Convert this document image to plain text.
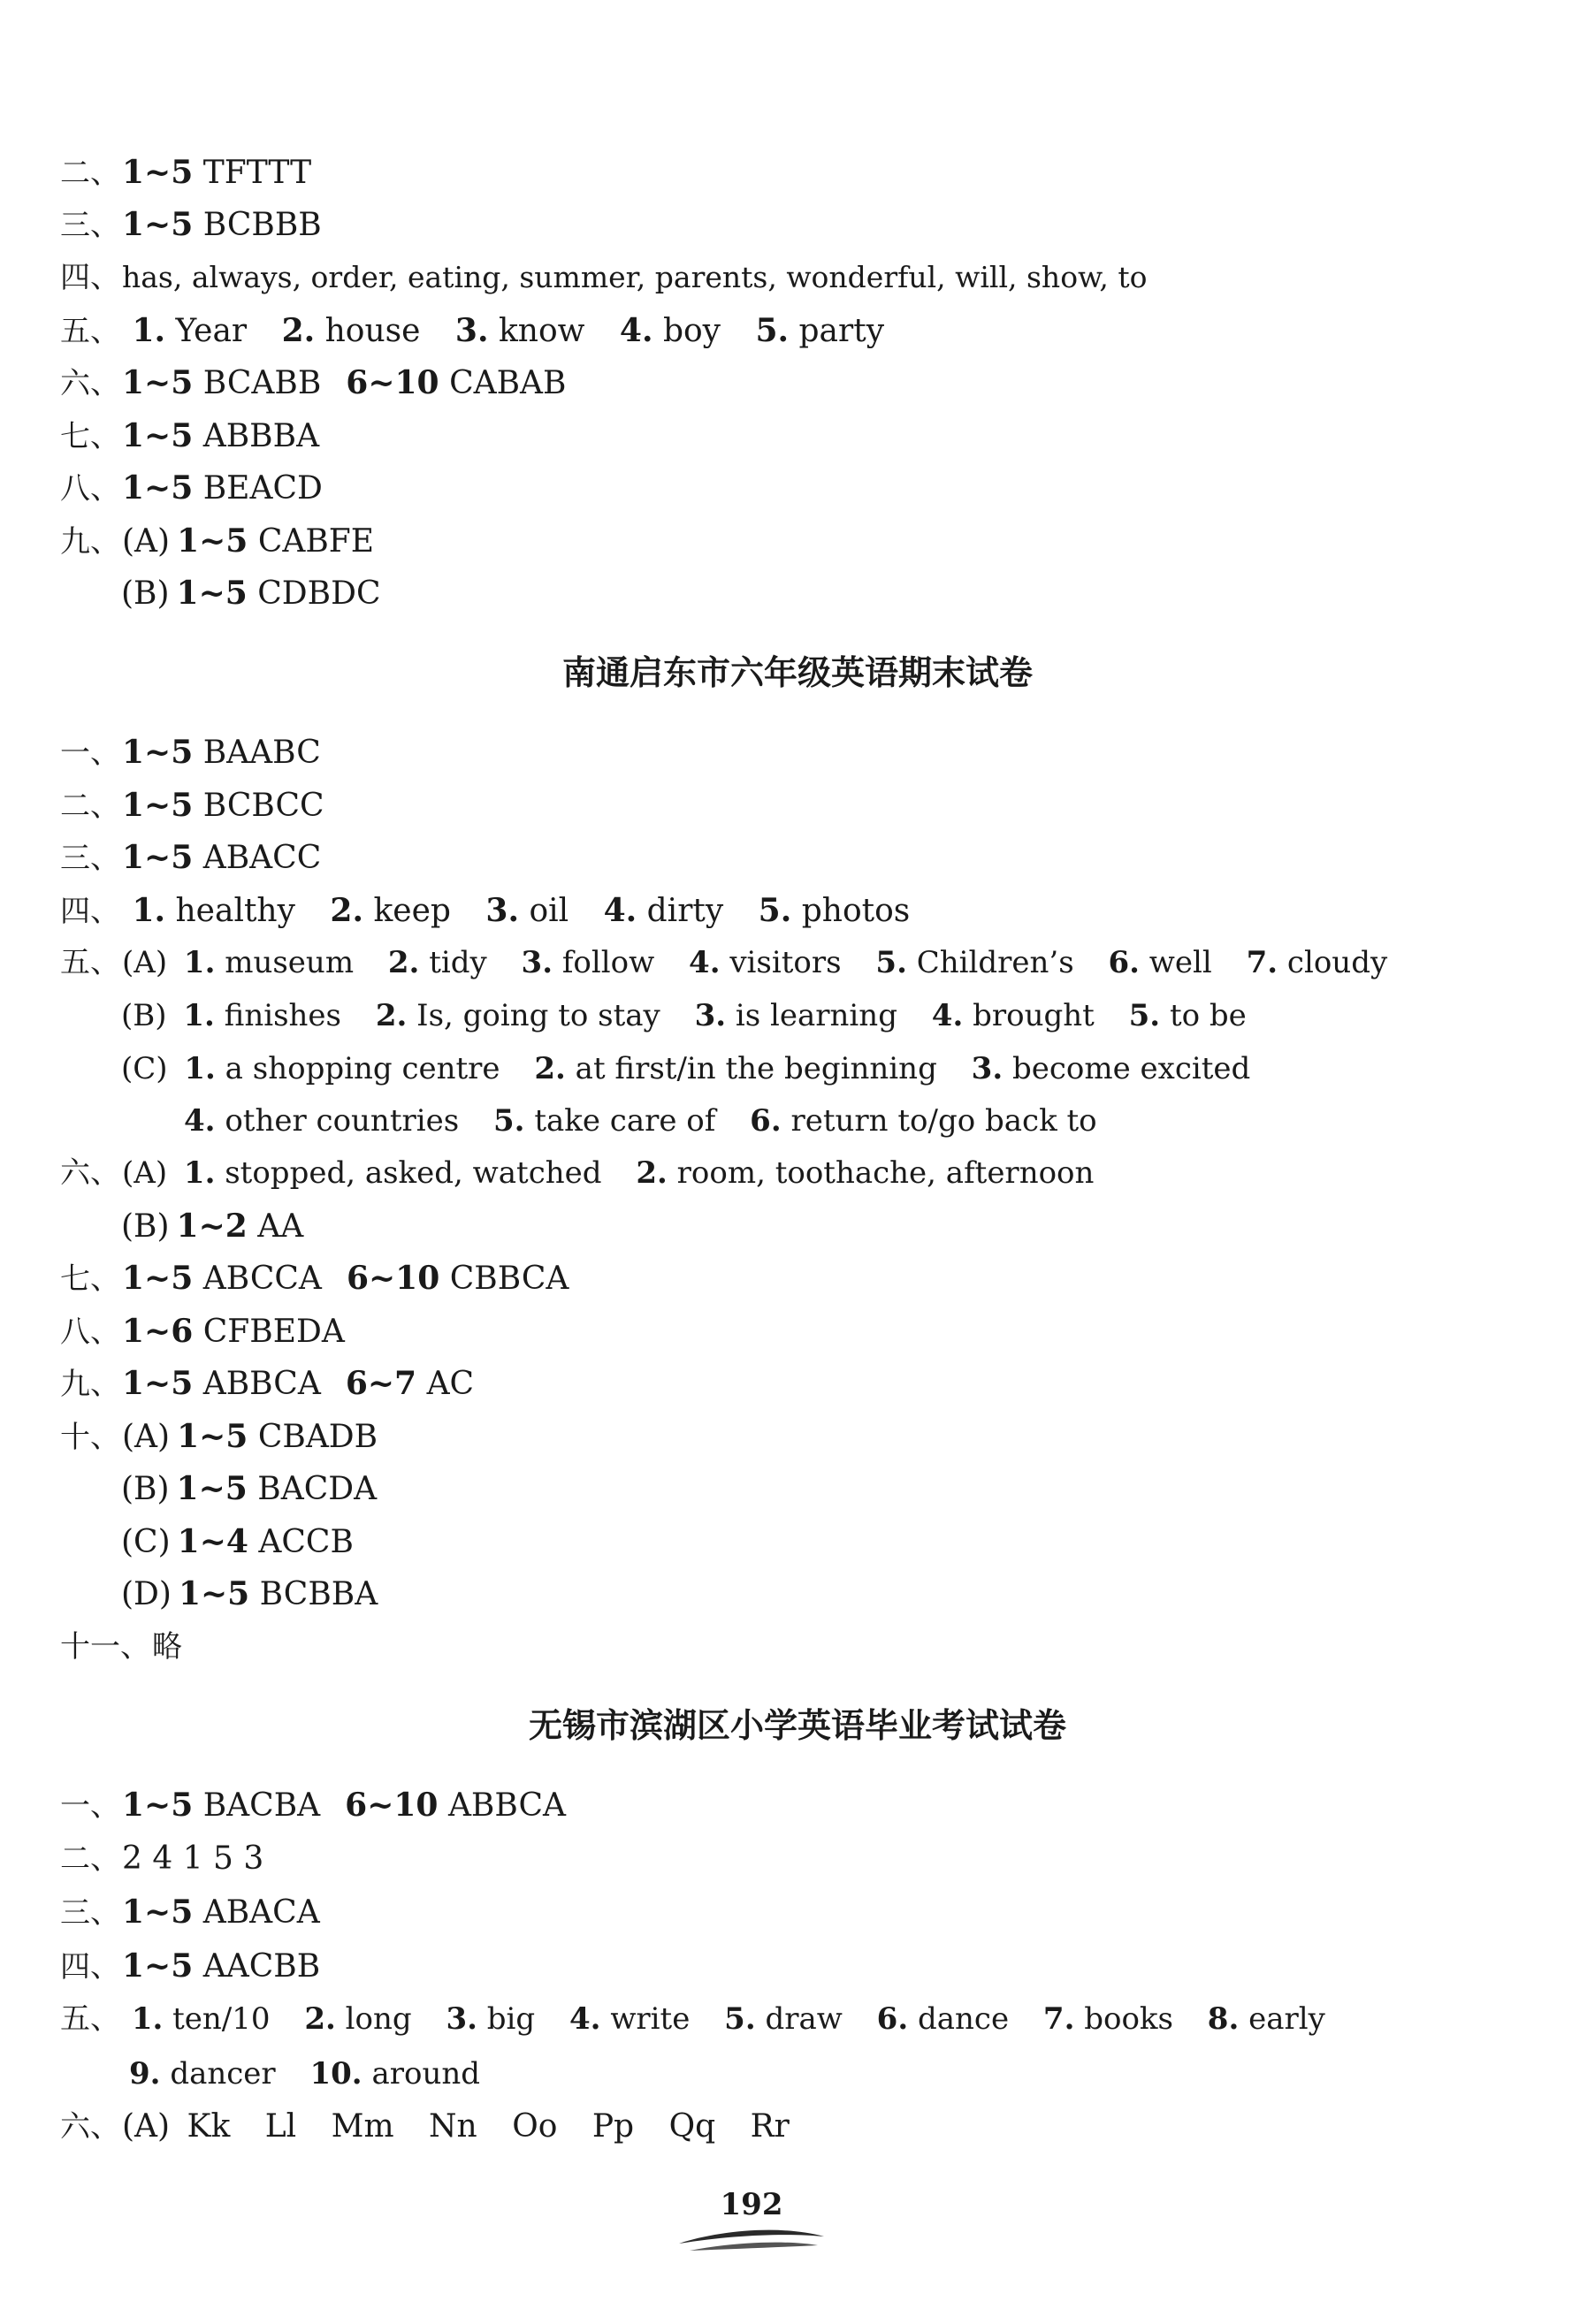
二、1~5 TFTTT
三、1~5 BCBBB
四、has, always, order, eating, summer, parents, wonderful, will, show, to
五、 1. Year 2. house 3. know 4. boy 5. party
六、1~5 BCABB 6~10 CABAB
七、1~5 ABBBA
八、1~5 BEACD
九、(A) 1~5 CABFE
(B) 1~5 CDBDC
南通启东市六年级英语期末试卷
一、1~5 BAABC
二、1~5 BCBCC
三、1~5 ABACC
四、 1. healthy 2. keep 3. oil 4. dirty 5. photos
五、(A) 1. museum 2. tidy 3. follow 4. visitors 5. Children’s 6. well 7. cloudy
(B) 1. finishes 2. Is, going to stay 3. is learning 4. brought 5. to be
(C) 1. a shopping centre 2. at first/in the beginning 3. become excited
4. other countries 5. take care of 6. return to/go back to
六、(A) 1. stopped, asked, watched 2. room, toothache, afternoon
(B) 1~2 AA
七、1~5 ABCCA 6~10 CBBCA
八、1~6 CFBEDA
九、1~5 ABBCA 6~7 AC
十、(A) 1~5 CBADB
(B) 1~5 BACDA
(C) 1~4 ACCB
(D) 1~5 BCBBA
十一、略
无锡市滨湖区小学英语毕业考试试卷
一、1~5 BACBA 6~10 ABBCA
二、2 4 1 5 3
三、1~5 ABACA
四、1~5 AACBB
五、 1. ten/10 2. long 3. big 4. write 5. draw 6. dance 7. books 8. early
9. dancer 10. around
六、(A) Kk Ll Mm Nn Oo Pp Qq Rr
192
